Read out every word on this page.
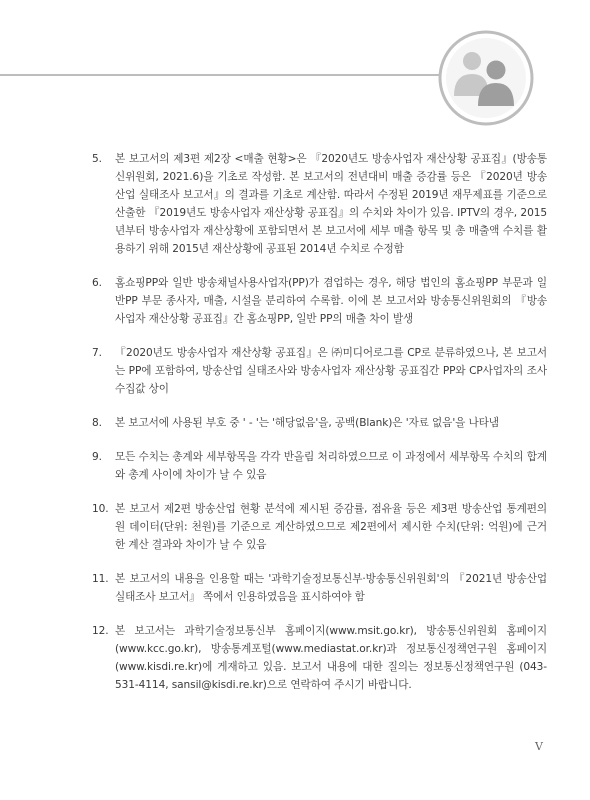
5. 본 보고서의 제3편 제2장 <매출 현황>은 『2020년도 방송사업자 재산상황 공표집』(방송통신위원회, 2021.6)을 기초로 작성함. 본 보고서의 전년대비 매출 증감률 등은 『2020년 방송산업 실태조사 보고서』의 결과를 기초로 계산함. 따라서 수정된 2019년 재무제표를 기준으로 산출한 『2019년도 방송사업자 재산상황 공표집』의 수치와 차이가 있음. IPTV의 경우, 2015년부터 방송사업자 재산상황에 포함되면서 본 보고서에 세부 매출 항목 및 총 매출액 수치를 활용하기 위해 2015년 재산상황에 공표된 2014년 수치로 수정함
6. 홈쇼핑PP와 일반 방송채널사용사업자(PP)가 겸업하는 경우, 해당 법인의 홈쇼핑PP 부문과 일반PP 부문 종사자, 매출, 시설을 분리하여 수록함. 이에 본 보고서와 방송통신위원회의 『방송사업자 재산상황 공표집』간 홈쇼핑PP, 일반 PP의 매출 차이 발생
7. 『2020년도 방송사업자 재산상황 공표집』은 ㈜미디어로그를 CP로 분류하였으나, 본 보고서는 PP에 포함하여, 방송산업 실태조사와 방송사업자 재산상황 공표집간 PP와 CP사업자의 조사 수집값 상이
8. 본 보고서에 사용된 부호 중 ' - '는 '해당없음'을, 공백(Blank)은 '자료 없음'을 나타냄
9. 모든 수치는 총계와 세부항목을 각각 반올림 처리하였으므로 이 과정에서 세부항목 수치의 합계와 총계 사이에 차이가 날 수 있음
10. 본 보고서 제2편 방송산업 현황 분석에 제시된 증감률, 점유율 등은 제3편 방송산업 통계편의 원 데이터(단위: 천원)를 기준으로 계산하였으므로 제2편에서 제시한 수치(단위: 억원)에 근거한 계산 결과와 차이가 날 수 있음
11. 본 보고서의 내용을 인용할 때는 '과학기술정보통신부·방송통신위원회'의 『2021년 방송산업 실태조사 보고서』 쪽에서 인용하였음을 표시하여야 함
12. 본 보고서는 과학기술정보통신부 홈페이지(www.msit.go.kr), 방송통신위원회 홈페이지(www.kcc.go.kr), 방송통계포털(www.mediastat.or.kr)과 정보통신정책연구원 홈페이지(www.kisdi.re.kr)에 게재하고 있음. 보고서 내용에 대한 질의는 정보통신정책연구원 (043-531-4114, sansil@kisdi.re.kr)으로 연락하여 주시기 바랍니다.
V
